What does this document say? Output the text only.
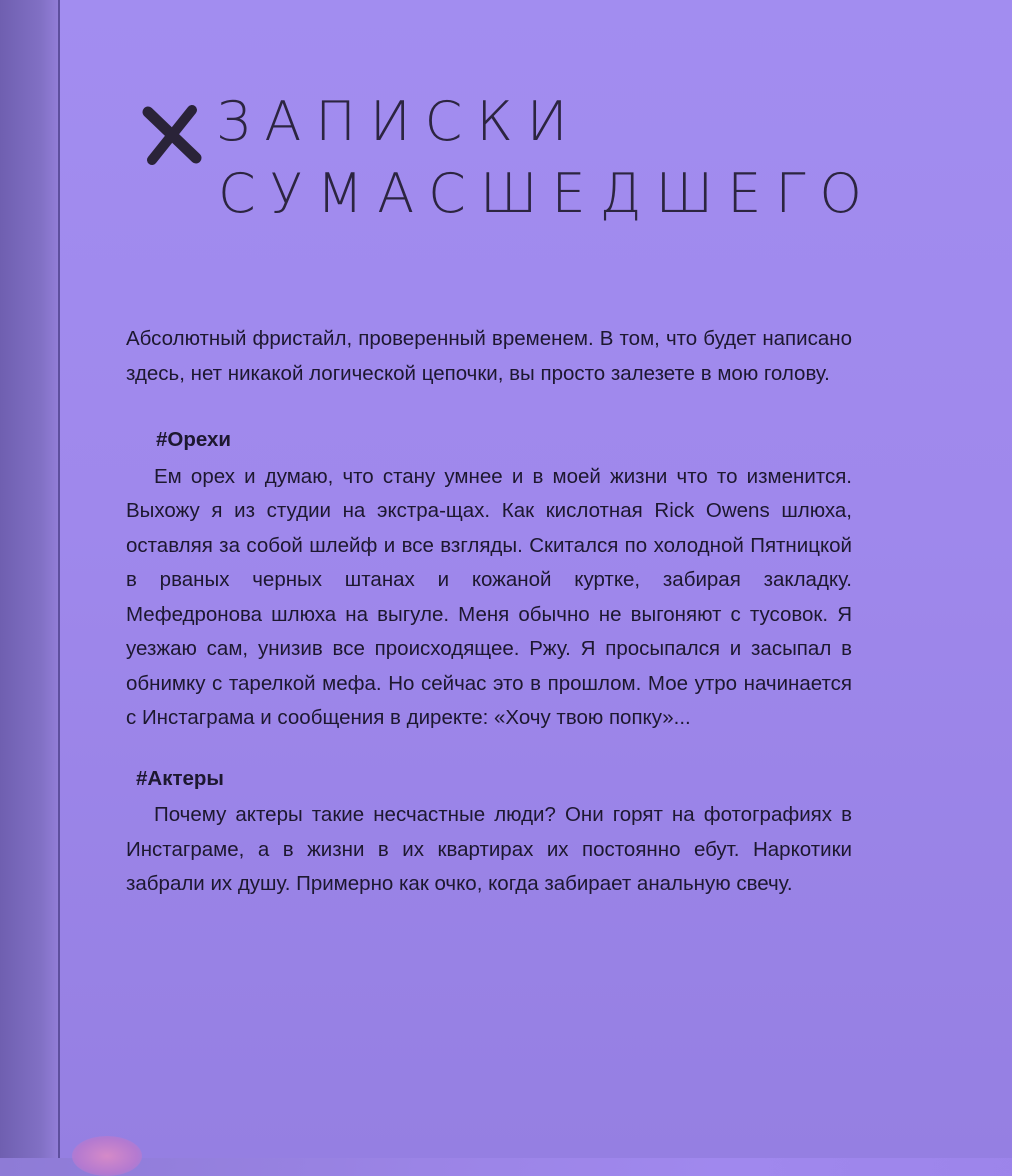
ЗАПИСКИ
СУМАСШЕДШЕГО

Абсолютный фристайл, проверенный временем. В том, что будет написано здесь, нет никакой логической цепочки, вы просто залезете в мою голову.

#Орехи

Ем орех и думаю, что стану умнее и в моей жизни что то изменится. Выхожу я из студии на экстра-щах. Как кислотная Rick Owens шлюха, оставляя за собой шлейф и все взгляды. Скитался по холодной Пятницкой в рваных черных штанах и кожаной куртке, забирая закладку. Мефедронова шлюха на выгуле. Меня обычно не выгоняют с тусовок. Я уезжаю сам, унизив все происходящее. Ржу. Я просыпался и засыпал в обнимку с тарелкой мефа. Но сейчас это в прошлом. Мое утро начинается с Инстаграма и сообщения в директе: «Хочу твою попку»...

#Актеры

Почему актеры такие несчастные люди? Они горят на фотографиях в Инстаграме, а в жизни в их квартирах их постоянно ебут. Наркотики забрали их душу. Примерно как очко, когда забирает анальную свечу.
